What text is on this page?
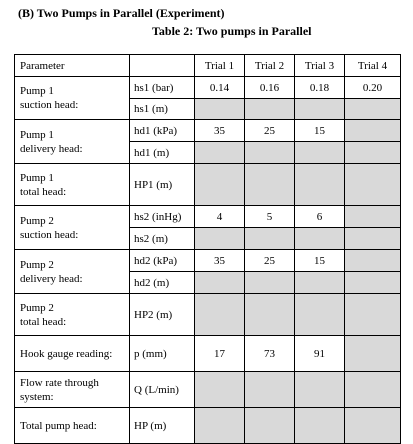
(B) Two Pumps in Parallel (Experiment)
Table 2: Two pumps in Parallel
Parameter		Trial 1	Trial 2	Trial 3	Trial 4

Pump 1
suction head:	hs1 (bar)	0.14	0.16	0.18	0.20
	hs1 (m)				

Pump 1
delivery head:	hd1 (kPa)	35	25	15	
	hd1 (m)				

Pump 1
total head:	HP1 (m)				

Pump 2
suction head:	hs2 (inHg)	4	5	6	
	hs2 (m)				

Pump 2
delivery head:	hd2 (kPa)	35	25	15	
	hd2 (m)				

Pump 2
total head:	HP2 (m)				

Hook gauge reading:	p (mm)	17	73	91	

Flow rate through
system:	Q (L/min)				

Total pump head:	HP (m)				
